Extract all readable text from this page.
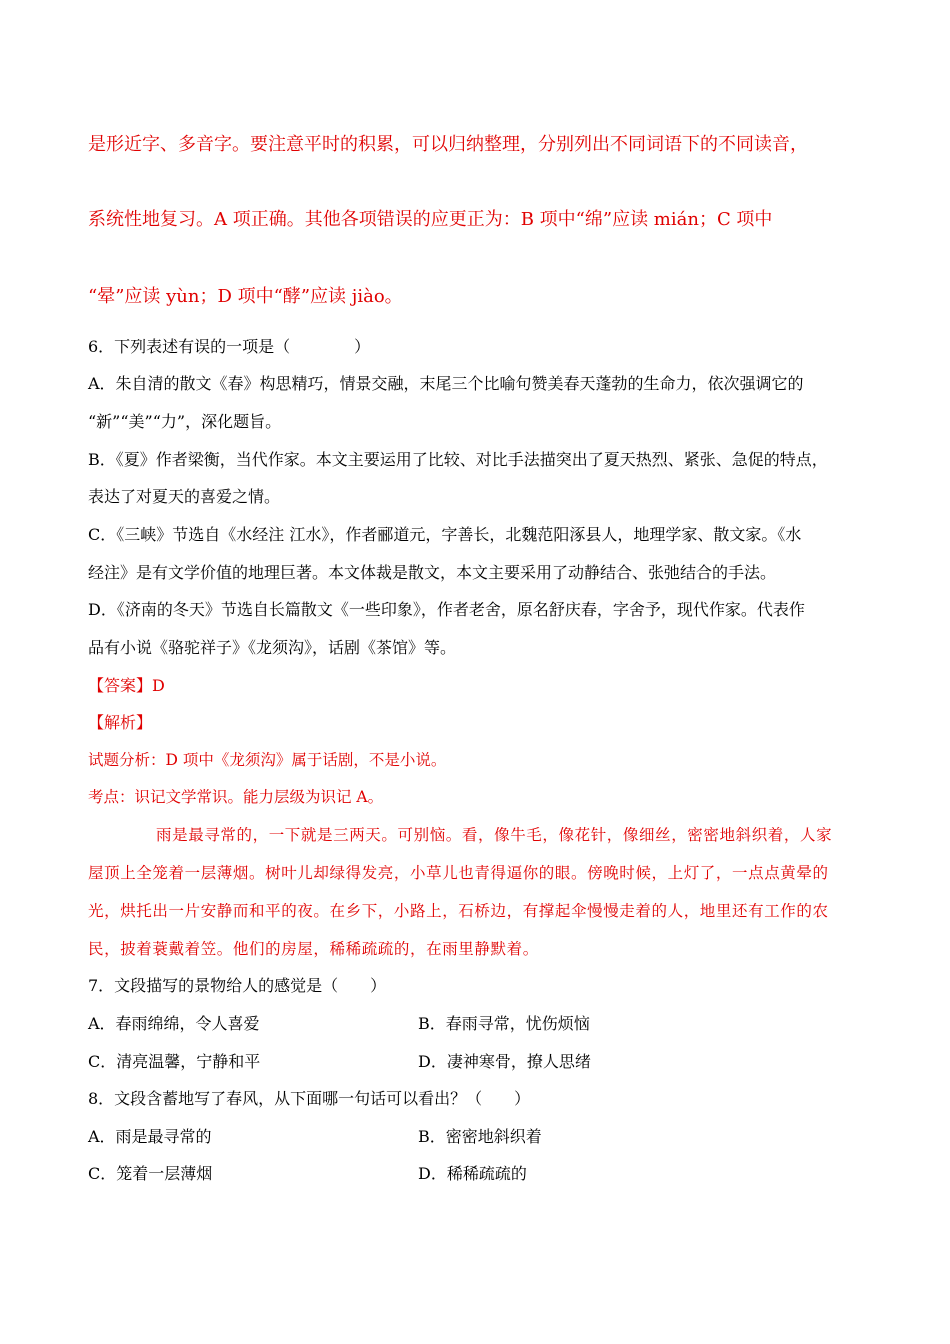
是形近字、多音字。要注意平时的积累，可以归纳整理，分别列出不同词语下的不同读音，
系统性地复习。A 项正确。其他各项错误的应更正为：B 项中“绵”应读 mián；C 项中
“晕”应读 yùn；D 项中“酵”应读 jiào。
6．下列表述有误的一项是（　　　　）
A．朱自清的散文《春》构思精巧，情景交融，末尾三个比喻句赞美春天蓬勃的生命力，依次强调它的
“新”“美”“力”，深化题旨。
B．《夏》作者梁衡，当代作家。本文主要运用了比较、对比手法描突出了夏天热烈、紧张、急促的特点，
表达了对夏天的喜爱之情。
C．《三峡》节选自《水经注 江水》，作者郦道元，字善长，北魏范阳涿县人，地理学家、散文家。《水
经注》是有文学价值的地理巨著。本文体裁是散文，本文主要采用了动静结合、张弛结合的手法。
D．《济南的冬天》节选自长篇散文《一些印象》，作者老舍，原名舒庆春，字舍予，现代作家。代表作
品有小说《骆驼祥子》《龙须沟》，话剧《茶馆》等。
【答案】D
【解析】
试题分析：D 项中《龙须沟》属于话剧，不是小说。
考点：识记文学常识。能力层级为识记 A。
雨是最寻常的，一下就是三两天。可别恼。看，像牛毛，像花针，像细丝，密密地斜织着，人家
屋顶上全笼着一层薄烟。树叶儿却绿得发亮，小草儿也青得逼你的眼。傍晚时候，上灯了，一点点黄晕的
光，烘托出一片安静而和平的夜。在乡下，小路上，石桥边，有撑起伞慢慢走着的人，地里还有工作的农
民，披着蓑戴着笠。他们的房屋，稀稀疏疏的，在雨里静默着。
7．文段描写的景物给人的感觉是（　　）
A．春雨绵绵，令人喜爱	B．春雨寻常，忧伤烦恼
C．清亮温馨，宁静和平	D．凄神寒骨，撩人思绪
8．文段含蓄地写了春风，从下面哪一句话可以看出？（　　）
A．雨是最寻常的	B．密密地斜织着
C．笼着一层薄烟	D．稀稀疏疏的
